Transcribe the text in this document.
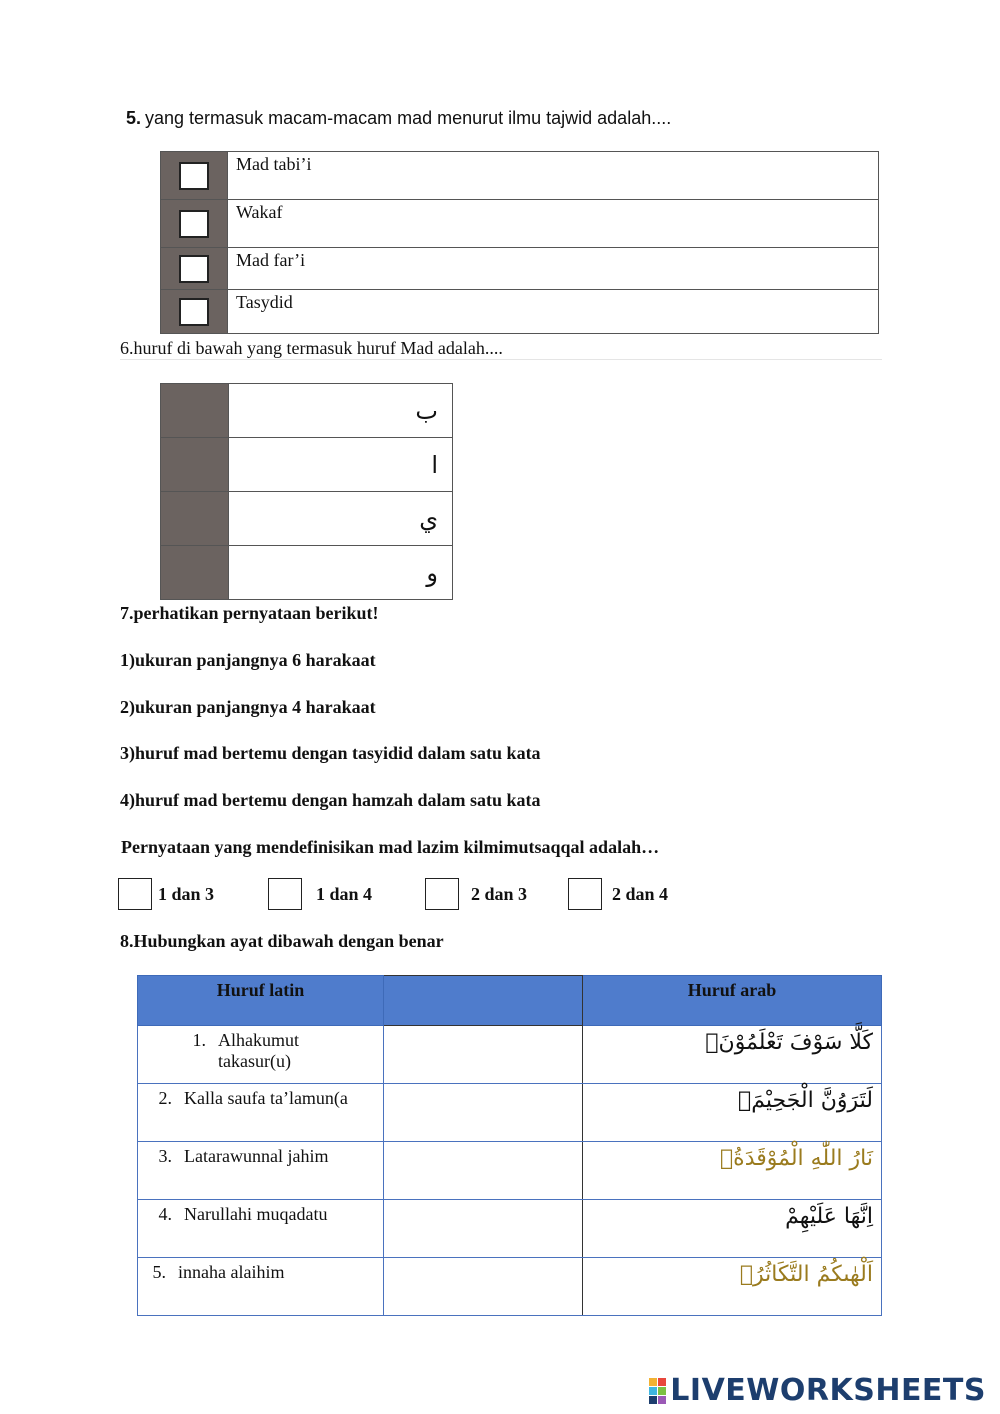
5. yang termasuk macam-macam mad menurut ilmu tajwid adalah....
	Mad tabi’i
	Wakaf
	Mad far’i
	Tasydid
6.huruf di bawah yang termasuk huruf Mad adalah....
	ب
	ا
	ي
	و
7.perhatikan pernyataan berikut!
1)ukuran panjangnya 6 harakaat
2)ukuran panjangnya 4 harakaat
3)huruf mad bertemu dengan tasyidid dalam satu kata
4)huruf mad bertemu dengan hamzah dalam satu kata
Pernyataan yang mendefinisikan mad lazim kilmimutsaqqal adalah…
1 dan 3	1 dan 4	2 dan 3	2 dan 4
8.Hubungkan ayat dibawah dengan benar
Huruf latin		Huruf arab

1. Alhakumut takasur(u)		كَلَّا سَوْفَ تَعْلَمُوْنَۙ

2. Kalla saufa ta’lamun(a		لَتَرَوُنَّ الْجَحِيْمَۙ

3. Latarawunnal jahim		نَارُ اللّٰهِ الْمُوْقَدَةُۙ

4. Narullahi muqadatu		اِنَّهَا عَلَيْهِمْ

5. innaha alaihim		اَلْهٰىكُمُ التَّكَاثُرُۙ
LIVEWORKSHEETS
